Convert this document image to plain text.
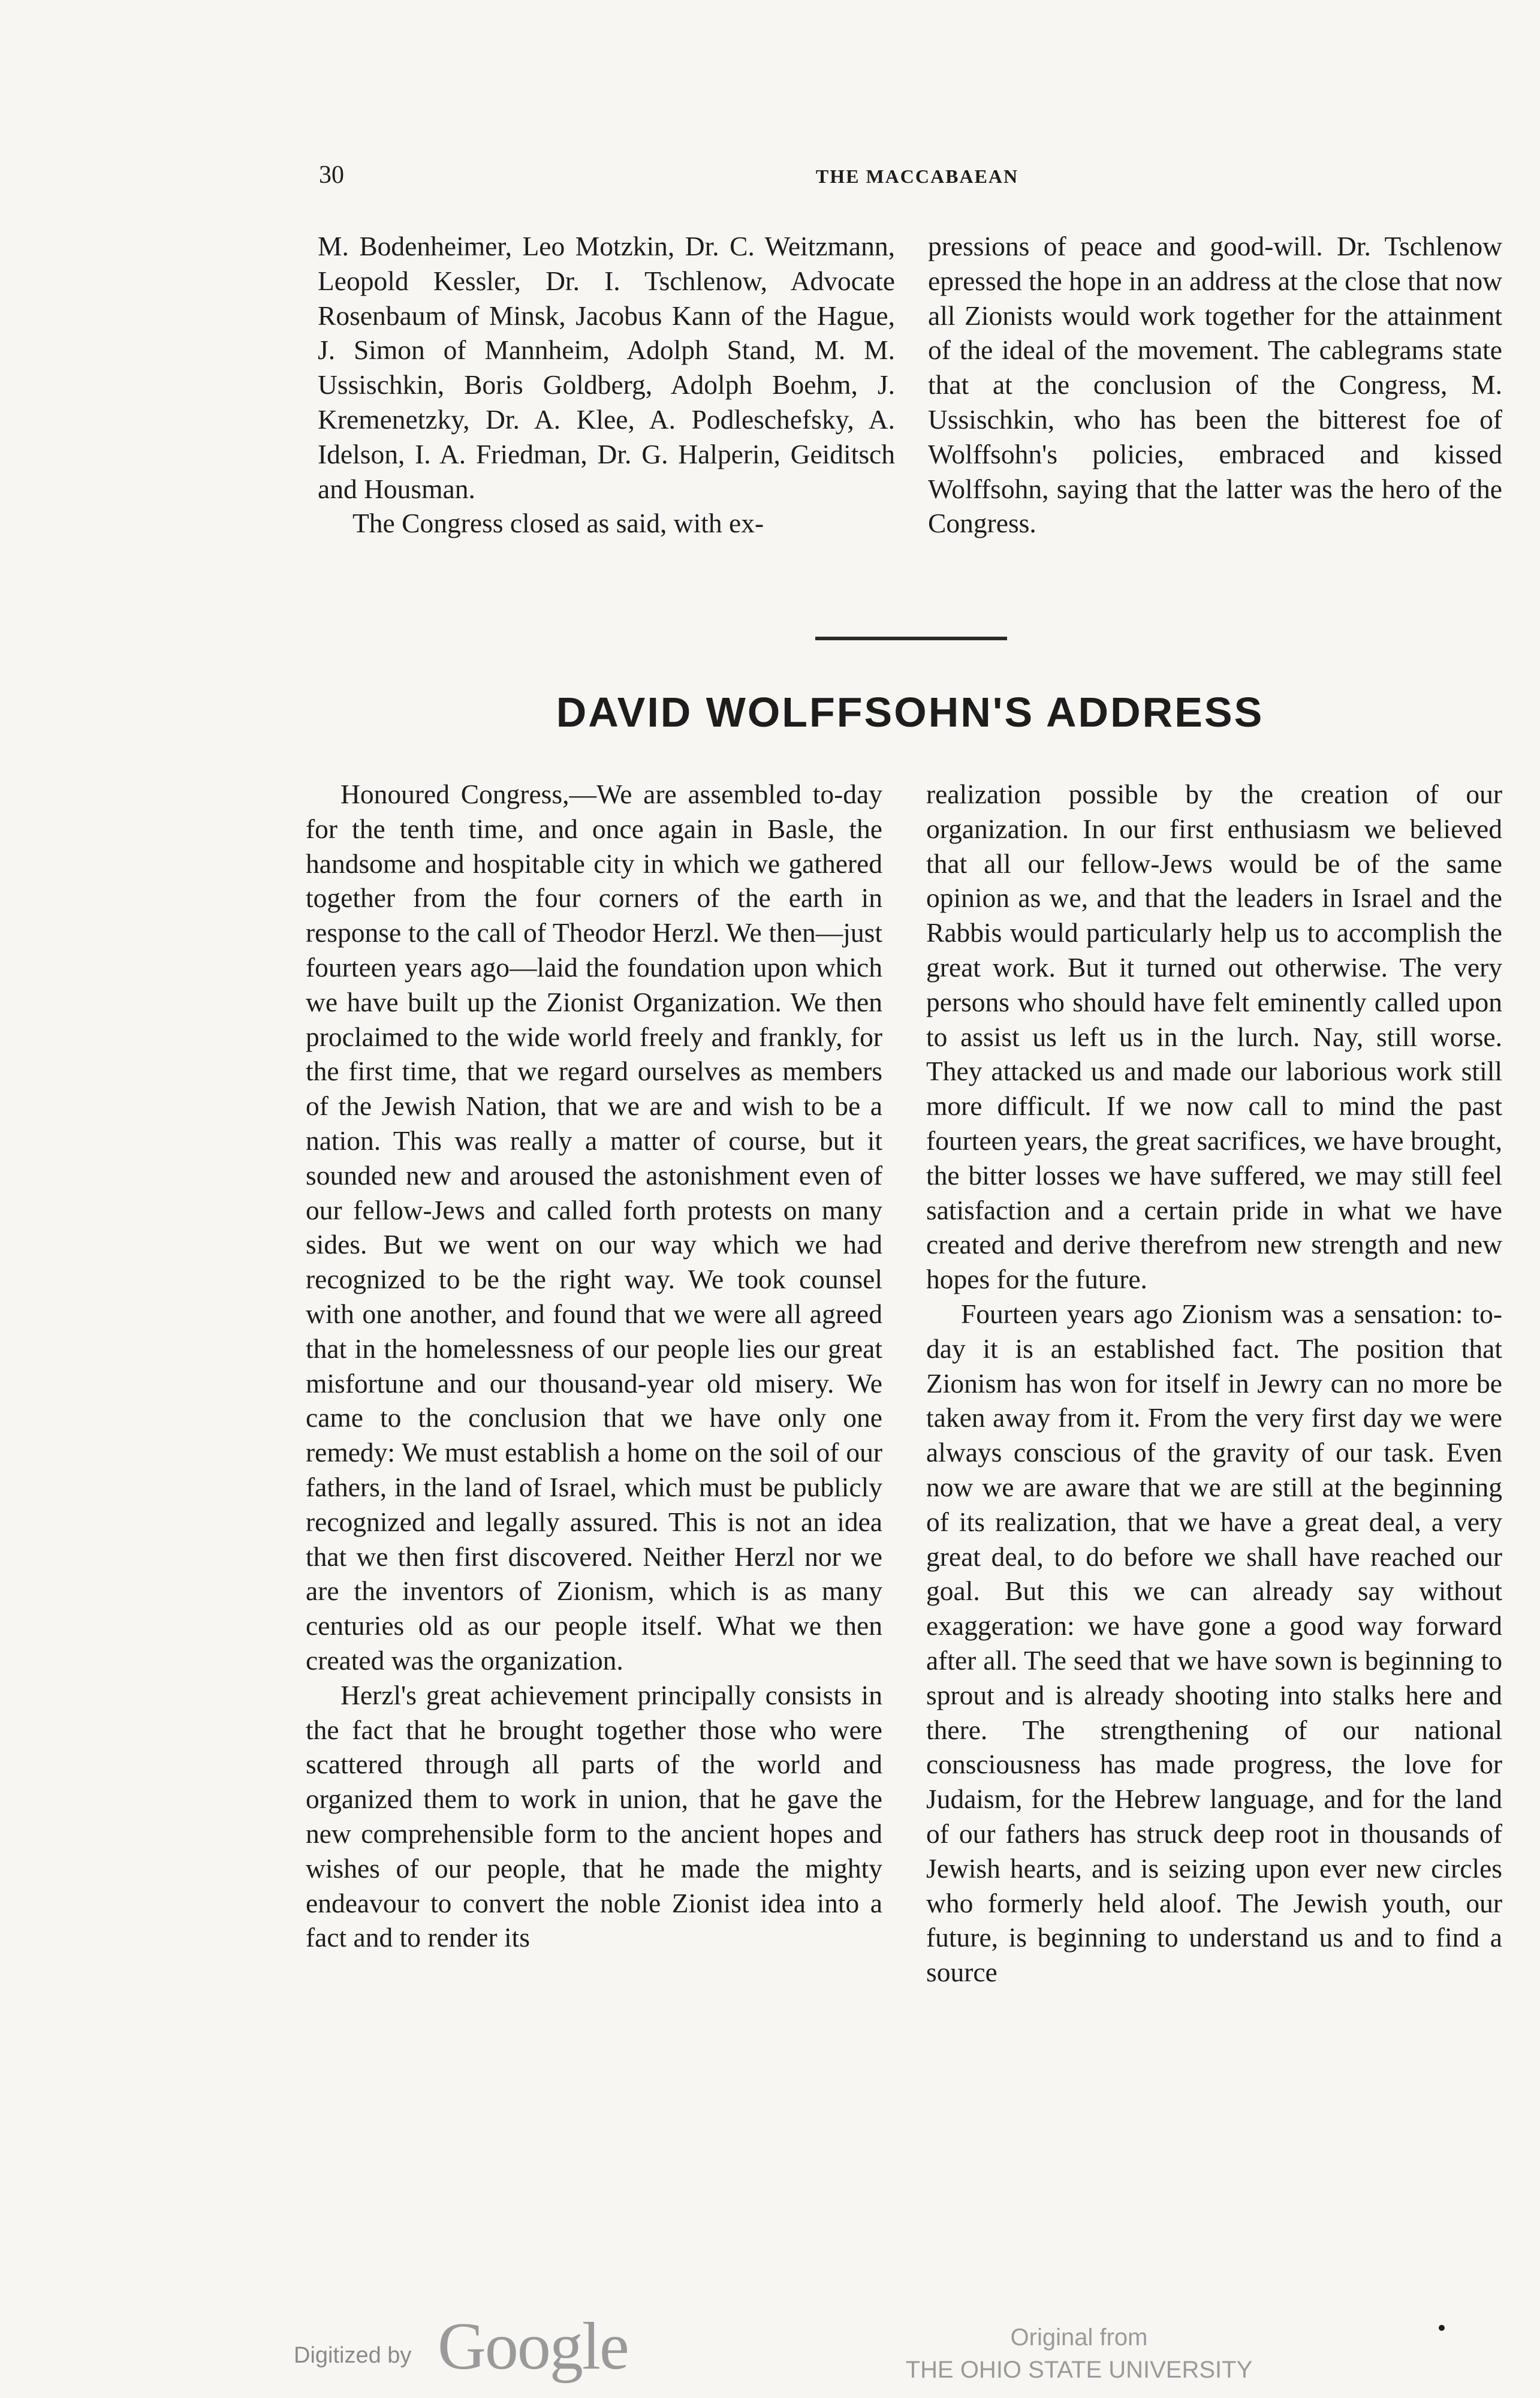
30	THE MACCABAEAN

M. Bodenheimer, Leo Motzkin, Dr. C. Weitzmann, Leopold Kessler, Dr. I. Tschlenow, Advocate Rosenbaum of Minsk, Jacobus Kann of the Hague, J. Simon of Mannheim, Adolph Stand, M. M. Ussischkin, Boris Goldberg, Adolph Boehm, J. Kremenetzky, Dr. A. Klee, A. Podleschefsky, A. Idelson, I. A. Friedman, Dr. G. Halperin, Geiditsch and Housman.

The Congress closed as said, with ex-

pressions of peace and good-will. Dr. Tschlenow epressed the hope in an address at the close that now all Zionists would work together for the attainment of the ideal of the movement. The cablegrams state that at the conclusion of the Congress, M. Ussischkin, who has been the bitterest foe of Wolffsohn's policies, embraced and kissed Wolffsohn, saying that the latter was the hero of the Congress.

DAVID WOLFFSOHN'S ADDRESS

Honoured Congress,—We are assembled to-day for the tenth time, and once again in Basle, the handsome and hospitable city in which we gathered together from the four corners of the earth in response to the call of Theodor Herzl. We then—just fourteen years ago—laid the foundation upon which we have built up the Zionist Organization. We then proclaimed to the wide world freely and frankly, for the first time, that we regard ourselves as members of the Jewish Nation, that we are and wish to be a nation. This was really a matter of course, but it sounded new and aroused the astonishment even of our fellow-Jews and called forth protests on many sides. But we went on our way which we had recognized to be the right way. We took counsel with one another, and found that we were all agreed that in the homelessness of our people lies our great misfortune and our thousand-year old misery. We came to the conclusion that we have only one remedy: We must establish a home on the soil of our fathers, in the land of Israel, which must be publicly recognized and legally assured. This is not an idea that we then first discovered. Neither Herzl nor we are the inventors of Zionism, which is as many centuries old as our people itself. What we then created was the organization.

Herzl's great achievement principally consists in the fact that he brought together those who were scattered through all parts of the world and organized them to work in union, that he gave the new comprehensible form to the ancient hopes and wishes of our people, that he made the mighty endeavour to convert the noble Zionist idea into a fact and to render its

realization possible by the creation of our organization. In our first enthusiasm we believed that all our fellow-Jews would be of the same opinion as we, and that the leaders in Israel and the Rabbis would particularly help us to accomplish the great work. But it turned out otherwise. The very persons who should have felt eminently called upon to assist us left us in the lurch. Nay, still worse. They attacked us and made our laborious work still more difficult. If we now call to mind the past fourteen years, the great sacrifices, we have brought, the bitter losses we have suffered, we may still feel satisfaction and a certain pride in what we have created and derive therefrom new strength and new hopes for the future.

Fourteen years ago Zionism was a sensation: to-day it is an established fact. The position that Zionism has won for itself in Jewry can no more be taken away from it. From the very first day we were always conscious of the gravity of our task. Even now we are aware that we are still at the beginning of its realization, that we have a great deal, a very great deal, to do before we shall have reached our goal. But this we can already say without exaggeration: we have gone a good way forward after all. The seed that we have sown is beginning to sprout and is already shooting into stalks here and there. The strengthening of our national consciousness has made progress, the love for Judaism, for the Hebrew language, and for the land of our fathers has struck deep root in thousands of Jewish hearts, and is seizing upon ever new circles who formerly held aloof. The Jewish youth, our future, is beginning to understand us and to find a source

Digitized by Google	Original from
THE OHIO STATE UNIVERSITY
